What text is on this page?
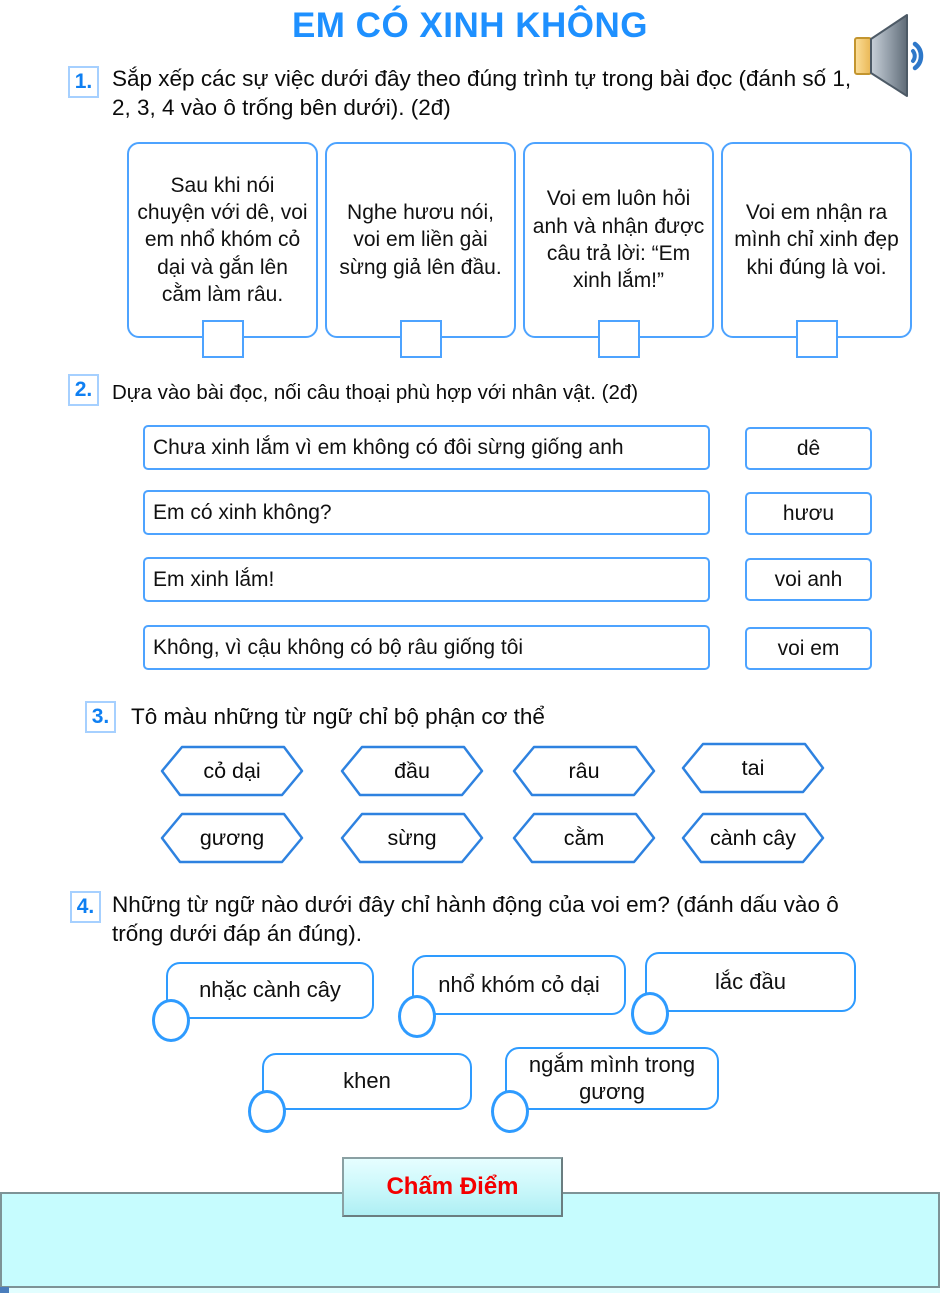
EM CÓ XINH KHÔNG
1. Sắp xếp các sự việc dưới đây theo đúng trình tự trong bài đọc (đánh số 1, 2, 3, 4 vào ô trống bên dưới). (2đ)
Sau khi nói chuyện với dê, voi em nhổ khóm cỏ dại và gắn lên cằm làm râu.
Nghe hươu nói, voi em liền gài sừng giả lên đầu.
Voi em luôn hỏi anh và nhận được câu trả lời: “Em xinh lắm!”
Voi em nhận ra mình chỉ xinh đẹp khi đúng là voi.
2. Dựa vào bài đọc, nối câu thoại phù hợp với nhân vật. (2đ)
Chưa xinh lắm vì em không có đôi sừng giống anh	dê
Em có xinh không?	hươu
Em xinh lắm!	voi anh
Không, vì cậu không có bộ râu giống tôi	voi em
3. Tô màu những từ ngữ chỉ bộ phận cơ thể
cỏ dại	đầu	râu	tai
gương	sừng	cằm	cành cây
4. Những từ ngữ nào dưới đây chỉ hành động của voi em? (đánh dấu vào ô trống dưới đáp án đúng).
nhặc cành cây	nhổ khóm cỏ dại	lắc đầu
khen
ngắm mình trong gương
Chấm Điểm
